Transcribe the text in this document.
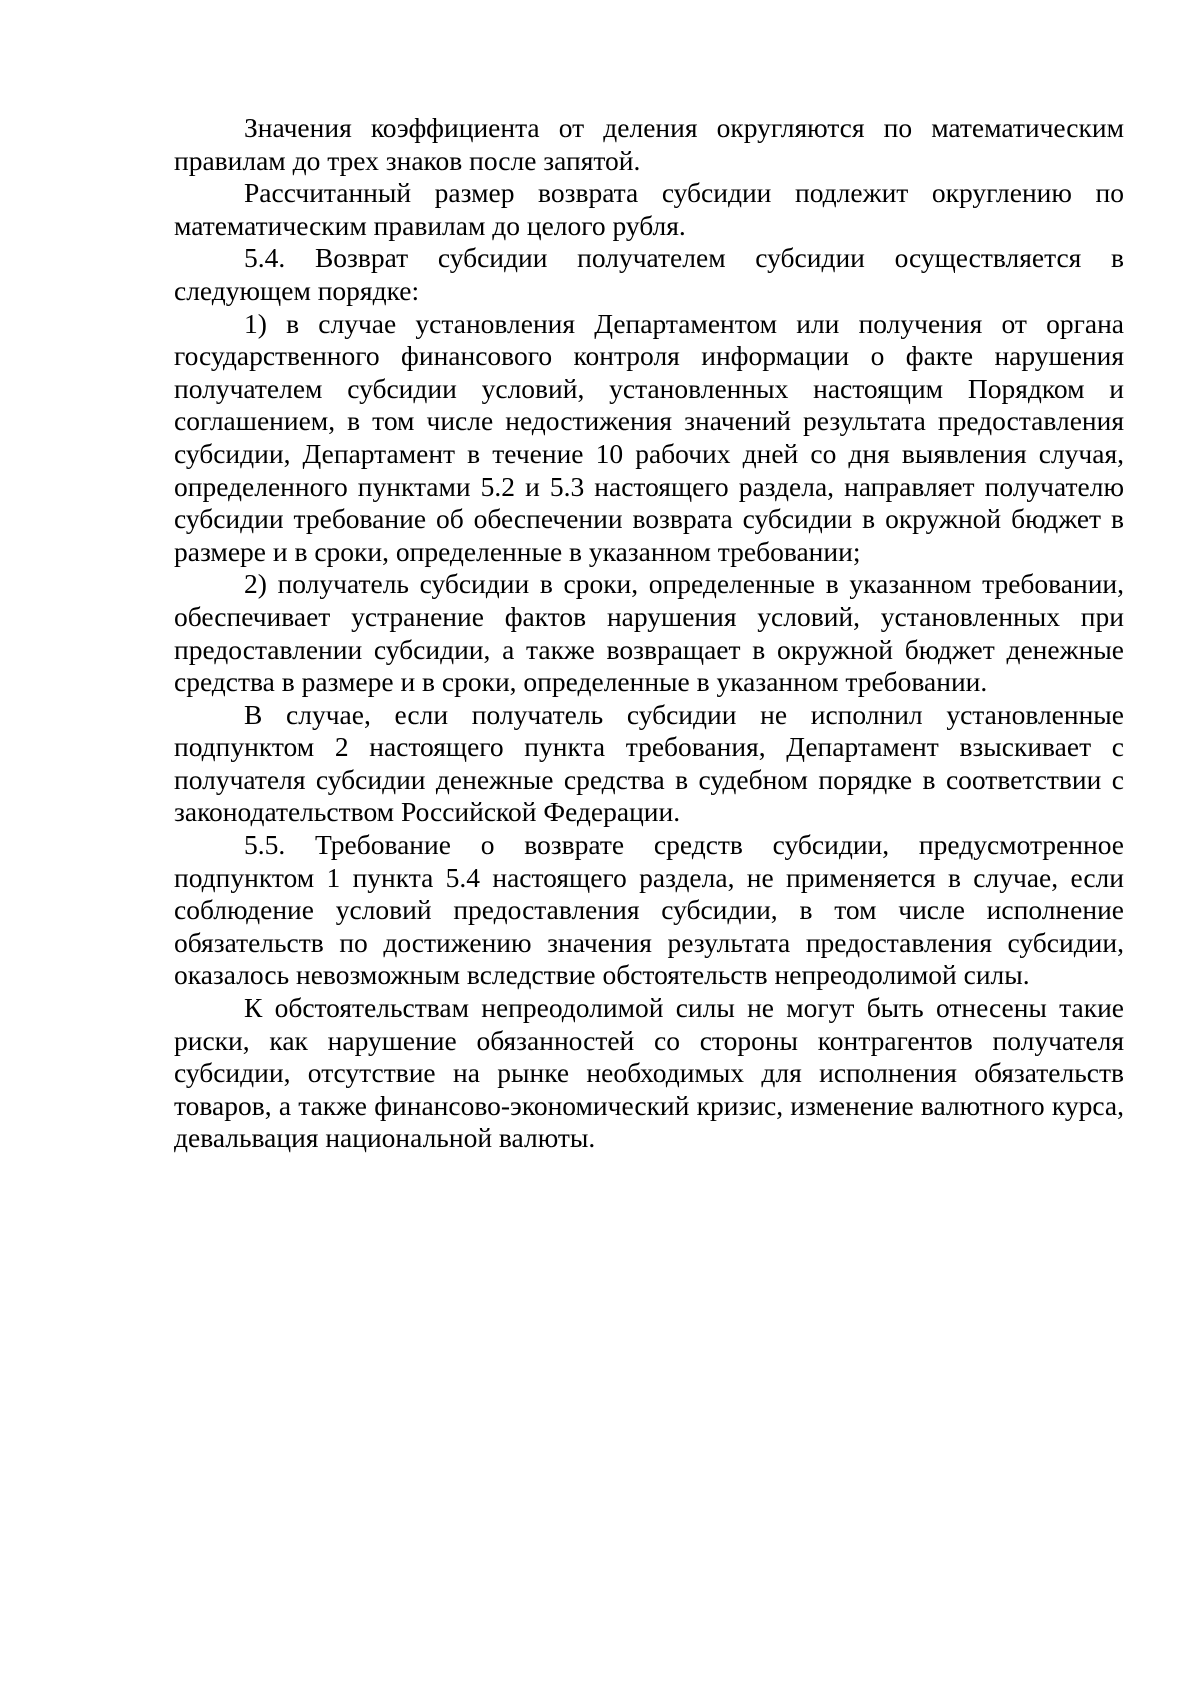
Значения коэффициента от деления округляются по математическим правилам до трех знаков после запятой.

Рассчитанный размер возврата субсидии подлежит округлению по математическим правилам до целого рубля.

5.4. Возврат субсидии получателем субсидии осуществляется в следующем порядке:

1) в случае установления Департаментом или получения от органа государственного финансового контроля информации о факте нарушения получателем субсидии условий, установленных настоящим Порядком и соглашением, в том числе недостижения значений результата предоставления субсидии, Департамент в течение 10 рабочих дней со дня выявления случая, определенного пунктами 5.2 и 5.3 настоящего раздела, направляет получателю субсидии требование об обеспечении возврата субсидии в окружной бюджет в размере и в сроки, определенные в указанном требовании;

2) получатель субсидии в сроки, определенные в указанном требовании, обеспечивает устранение фактов нарушения условий, установленных при предоставлении субсидии, а также возвращает в окружной бюджет денежные средства в размере и в сроки, определенные в указанном требовании.

В случае, если получатель субсидии не исполнил установленные подпунктом 2 настоящего пункта требования, Департамент взыскивает с получателя субсидии денежные средства в судебном порядке в соответствии с законодательством Российской Федерации.

5.5. Требование о возврате средств субсидии, предусмотренное подпунктом 1 пункта 5.4 настоящего раздела, не применяется в случае, если соблюдение условий предоставления субсидии, в том числе исполнение обязательств по достижению значения результата предоставления субсидии, оказалось невозможным вследствие обстоятельств непреодолимой силы.

К обстоятельствам непреодолимой силы не могут быть отнесены такие риски, как нарушение обязанностей со стороны контрагентов получателя субсидии, отсутствие на рынке необходимых для исполнения обязательств товаров, а также финансово-экономический кризис, изменение валютного курса, девальвация национальной валюты.
